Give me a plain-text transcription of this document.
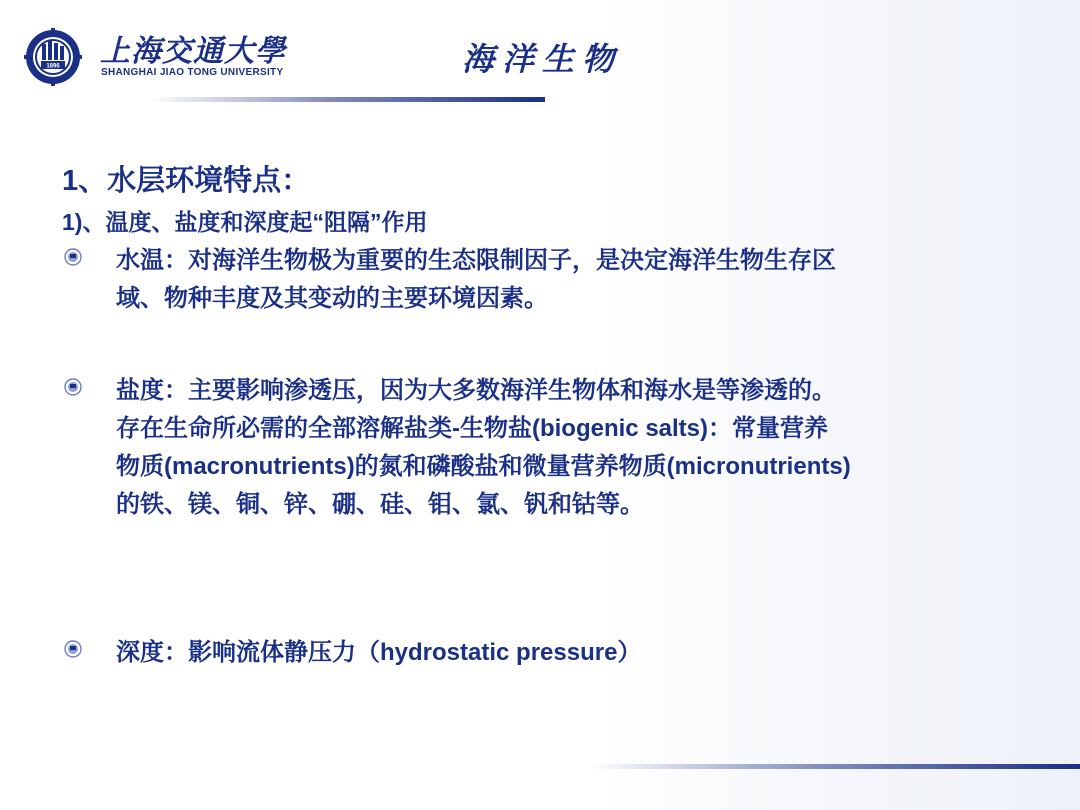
1896 上海交通大學
SHANGHAI JIAO TONG UNIVERSITY	海洋生物
1、水层环境特点：
1)、温度、盐度和深度起“阻隔”作用
水温：对海洋生物极为重要的生态限制因子，是决定海洋生物生存区
域、物种丰度及其变动的主要环境因素。
盐度：主要影响渗透压，因为大多数海洋生物体和海水是等渗透的。
存在生命所必需的全部溶解盐类-生物盐(biogenic salts)：常量营养
物质(macronutrients)的氮和磷酸盐和微量营养物质(micronutrients)
的铁、镁、铜、锌、硼、硅、钼、氯、钒和钴等。
深度：影响流体静压力（hydrostatic pressure）
